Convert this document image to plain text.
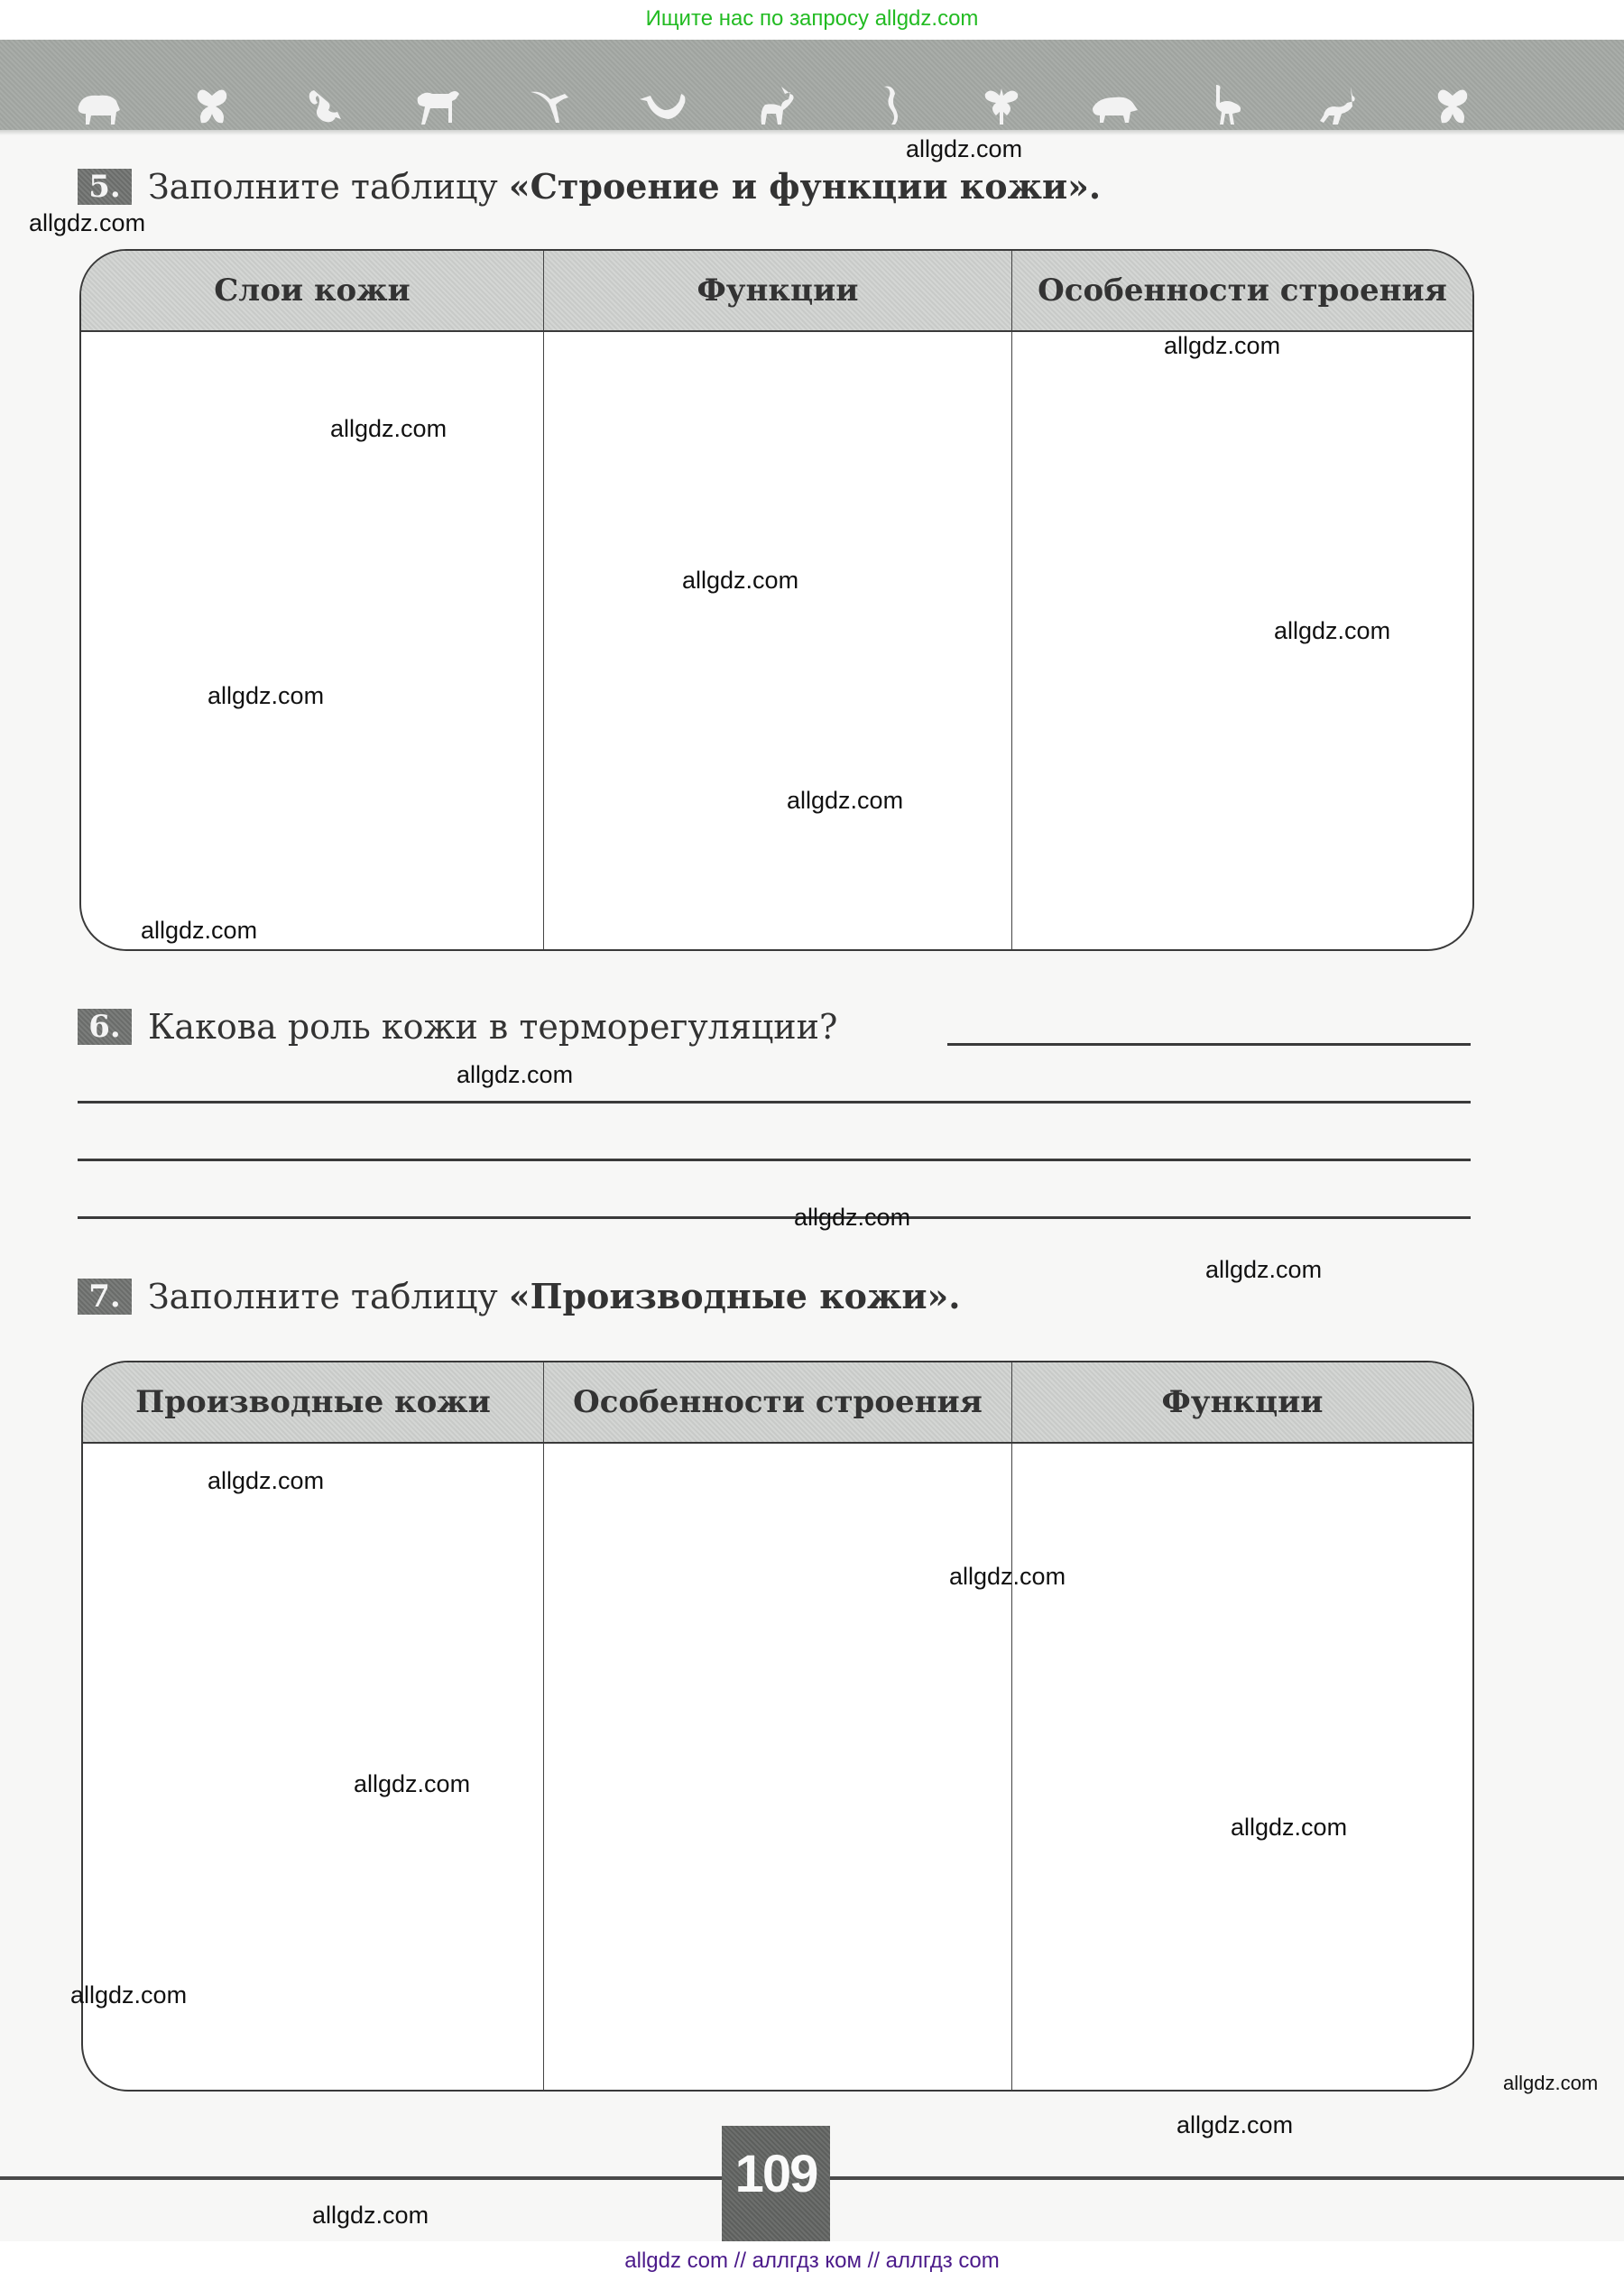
Ищите нас по запросу allgdz.com
5. Заполните таблицу «Строение и функции кожи».
Слои кожи	Функции	Особенности строения
6. Какова роль кожи в терморегуляции?
7. Заполните таблицу «Производные кожи».
Производные кожи	Особенности строения	Функции
109
allgdz.com
allgdz.com
allgdz.com
allgdz.com
allgdz.com
allgdz.com
allgdz.com
allgdz.com
allgdz.com
allgdz.com
allgdz.com
allgdz.com
allgdz.com
allgdz.com
allgdz.com
allgdz.com
allgdz.com
allgdz.com
allgdz.com
allgdz.com
allgdz com // аллгдз ком // аллгдз com
